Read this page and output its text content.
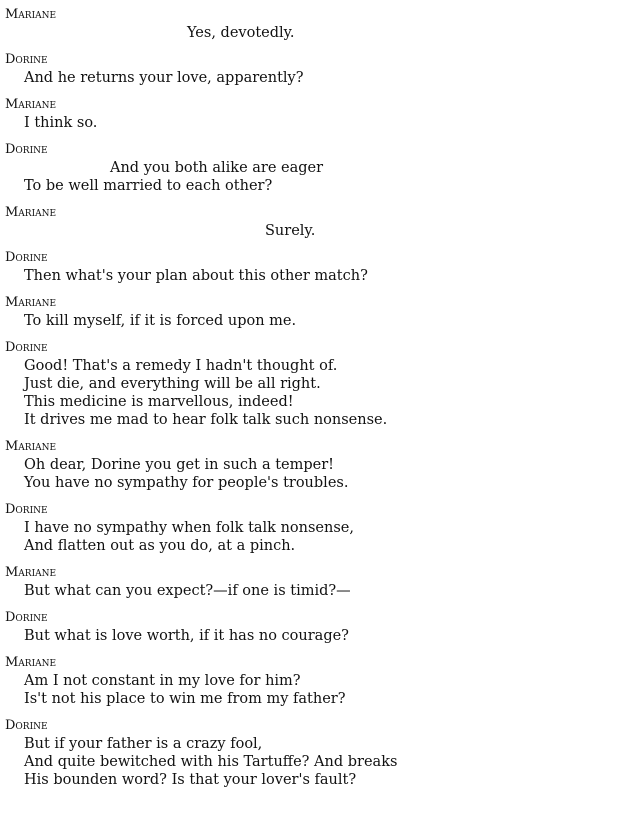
Mariane
Yes, devotedly.
Dorine
And he returns your love, apparently?
Mariane
I think so.
Dorine
And you both alike are eager
To be well married to each other?
Mariane
Surely.
Dorine
Then what's your plan about this other match?
Mariane
To kill myself, if it is forced upon me.
Dorine
Good! That's a remedy I hadn't thought of.
Just die, and everything will be all right.
This medicine is marvellous, indeed!
It drives me mad to hear folk talk such nonsense.
Mariane
Oh dear, Dorine you get in such a temper!
You have no sympathy for people's troubles.
Dorine
I have no sympathy when folk talk nonsense,
And flatten out as you do, at a pinch.
Mariane
But what can you expect?—if one is timid?—
Dorine
But what is love worth, if it has no courage?
Mariane
Am I not constant in my love for him?
Is't not his place to win me from my father?
Dorine
But if your father is a crazy fool,
And quite bewitched with his Tartuffe? And breaks
His bounden word? Is that your lover's fault?
